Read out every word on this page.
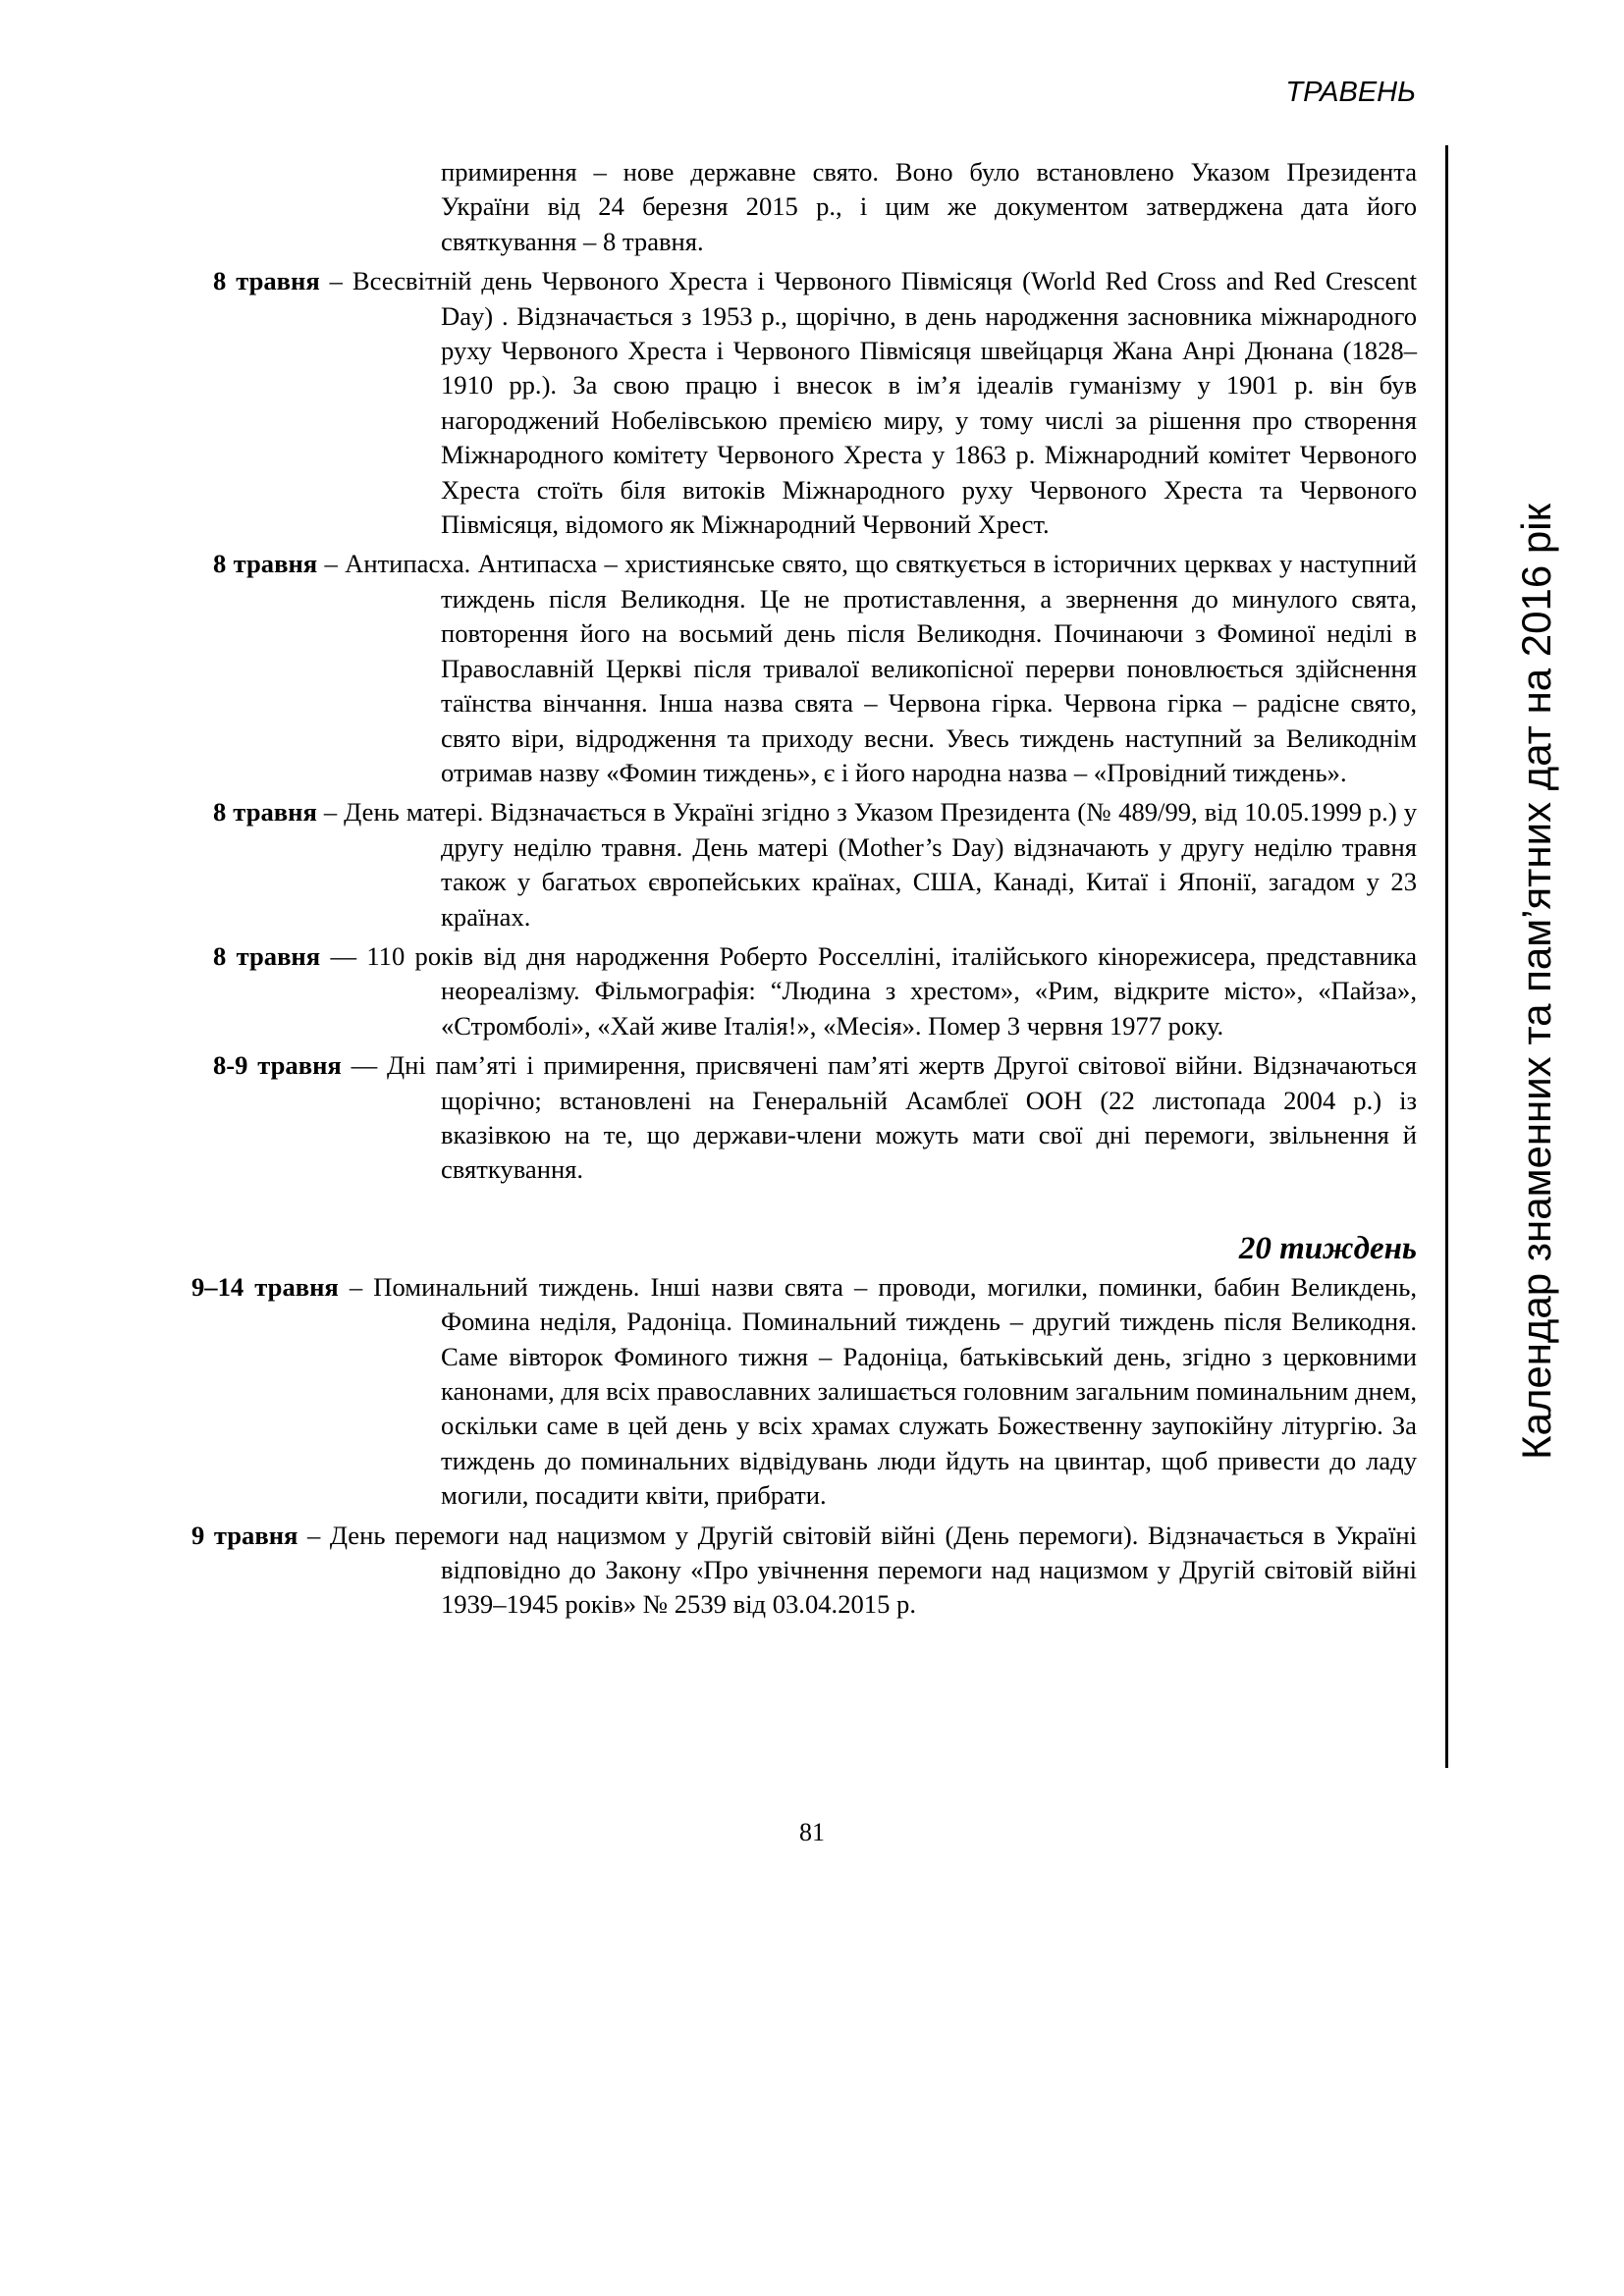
ТРАВЕНЬ

примирення – нове державне свято. Воно було встановлено Указом Президента України від 24 березня 2015 р., і цим же документом затверджена дата його святкування – 8 травня.

8 травня – Всесвітній день Червоного Хреста і Червоного Півмісяця (World Red Cross and Red Crescent Day) . Відзначається з 1953 р., щорічно, в день народження засновника міжнародного руху Червоного Хреста і Червоного Півмісяця швейцарця Жана Анрі Дюнана (1828–1910 рр.). За свою працю і внесок в ім’я ідеалів гуманізму у 1901 р. він був нагороджений Нобелівською премією миру, у тому числі за рішення про створення Міжнародного комітету Червоного Хреста у 1863 р. Міжнародний комітет Червоного Хреста стоїть біля витоків Міжнародного руху Червоного Хреста та Червоного Півмісяця, відомого як Міжнародний Червоний Хрест.

8 травня – Антипасха. Антипасха – християнське свято, що святкується в історичних церквах у наступний тиждень після Великодня. Це не протиставлення, а звернення до минулого свята, повторення його на восьмий день після Великодня. Починаючи з Фоминої неділі в Православній Церкві після тривалої великопісної перерви поновлюється здійснення таїнства вінчання. Інша назва свята – Червона гірка. Червона гірка – радісне свято, свято віри, відродження та приходу весни. Увесь тиждень наступний за Великоднім отримав назву «Фомин тиждень», є і його народна назва – «Провідний тиждень».

8 травня – День матері. Відзначається в Україні згідно з Указом Президента (№ 489/99, від 10.05.1999 р.) у другу неділю травня. День матері (Mother’s Day) відзначають у другу неділю травня також у багатьох європейських країнах, США, Канаді, Китаї і Японії, загадом у 23 країнах.

8 травня — 110 років від дня народження Роберто Росселліні, італійського кінорежисера, представника неореалізму. Фільмографія: “Людина з хрестом», «Рим, відкрите місто», «Пайза», «Стромболі», «Хай живе Італія!», «Месія». Помер 3 червня 1977 року.

8-9 травня — Дні пам’яті і примирення, присвячені пам’яті жертв Другої світової війни. Відзначаються щорічно; встановлені на Генеральній Асамблеї ООН (22 листопада 2004 р.) із вказівкою на те, що держави-члени можуть мати свої дні перемоги, звільнення й святкування.

20 тиждень

9–14 травня – Поминальний тиждень. Інші назви свята – проводи, могилки, поминки, бабин Великдень, Фомина неділя, Радоніца. Поминальний тиждень – другий тиждень після Великодня. Саме вівторок Фоминого тижня – Радоніца, батьківський день, згідно з церковними канонами, для всіх православних залишається головним загальним поминальним днем, оскільки саме в цей день у всіх храмах служать Божественну заупокійну літургію. За тиждень до поминальних відвідувань люди йдуть на цвинтар, щоб привести до ладу могили, посадити квіти, прибрати.

9 травня – День перемоги над нацизмом у Другій світовій війні (День перемоги). Відзначається в Україні відповідно до Закону «Про увічнення перемоги над нацизмом у Другій світовій війні 1939–1945 років» № 2539 від 03.04.2015 р.

Календар знаменних та пам’ятних дат на 2016 рік
81
